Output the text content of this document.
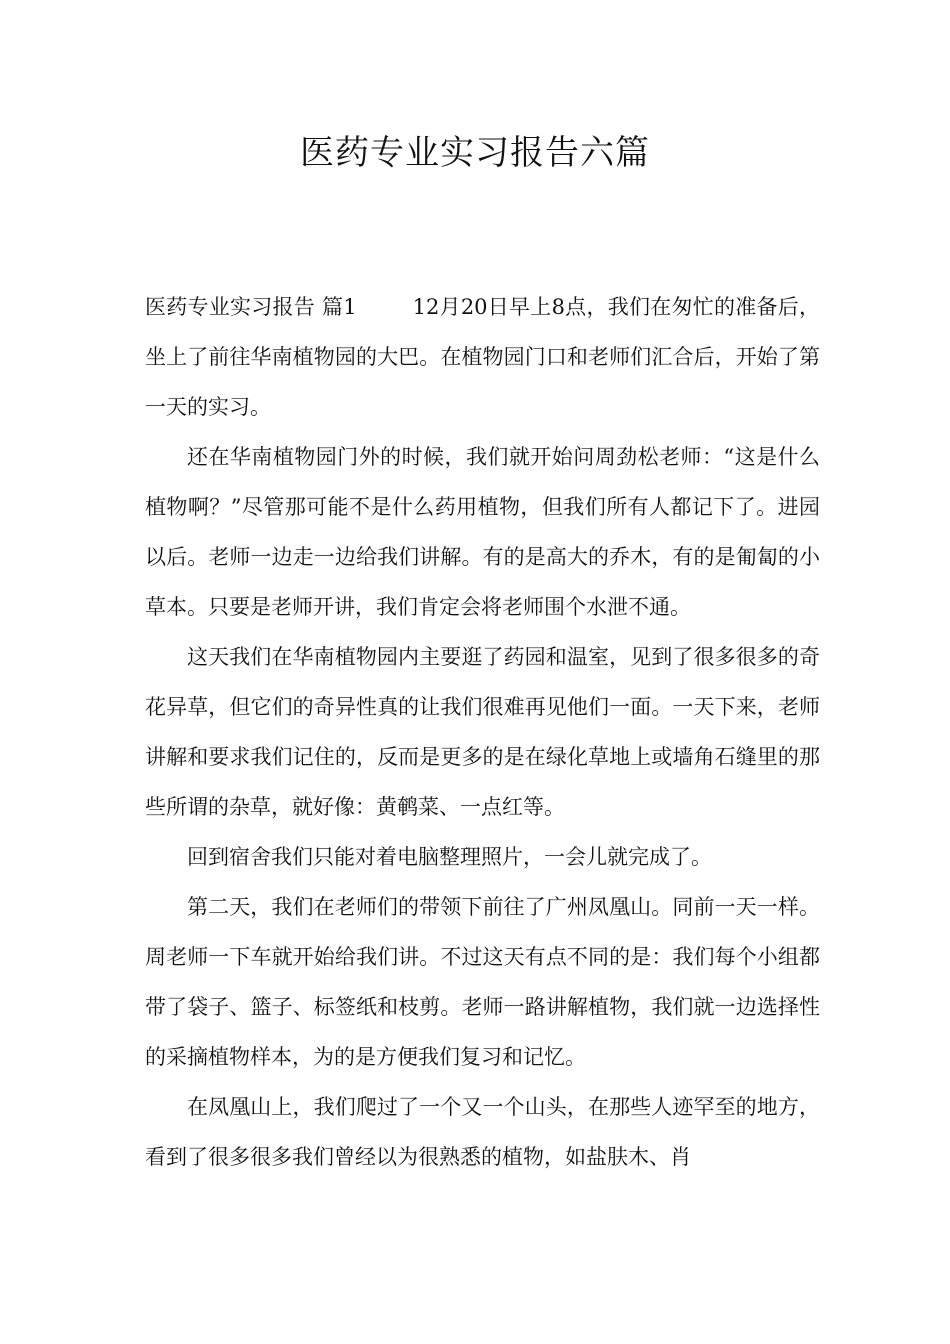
医药专业实习报告六篇

医药专业实习报告 篇1	12月20日早上8点，我们在匆忙的准备后，坐上了前往华南植物园的大巴。在植物园门口和老师们汇合后，开始了第一天的实习。

还在华南植物园门外的时候，我们就开始问周劲松老师：“这是什么植物啊？”尽管那可能不是什么药用植物，但我们所有人都记下了。进园以后。老师一边走一边给我们讲解。有的是高大的乔木，有的是匍匐的小草本。只要是老师开讲，我们肯定会将老师围个水泄不通。

这天我们在华南植物园内主要逛了药园和温室，见到了很多很多的奇花异草，但它们的奇异性真的让我们很难再见他们一面。一天下来，老师讲解和要求我们记住的，反而是更多的是在绿化草地上或墙角石缝里的那些所谓的杂草，就好像：黄鹌菜、一点红等。

回到宿舍我们只能对着电脑整理照片，一会儿就完成了。

第二天，我们在老师们的带领下前往了广州凤凰山。同前一天一样。周老师一下车就开始给我们讲。不过这天有点不同的是：我们每个小组都带了袋子、篮子、标签纸和枝剪。老师一路讲解植物，我们就一边选择性的采摘植物样本，为的是方便我们复习和记忆。

在凤凰山上，我们爬过了一个又一个山头，在那些人迹罕至的地方，看到了很多很多我们曾经以为很熟悉的植物，如盐肤木、肖
